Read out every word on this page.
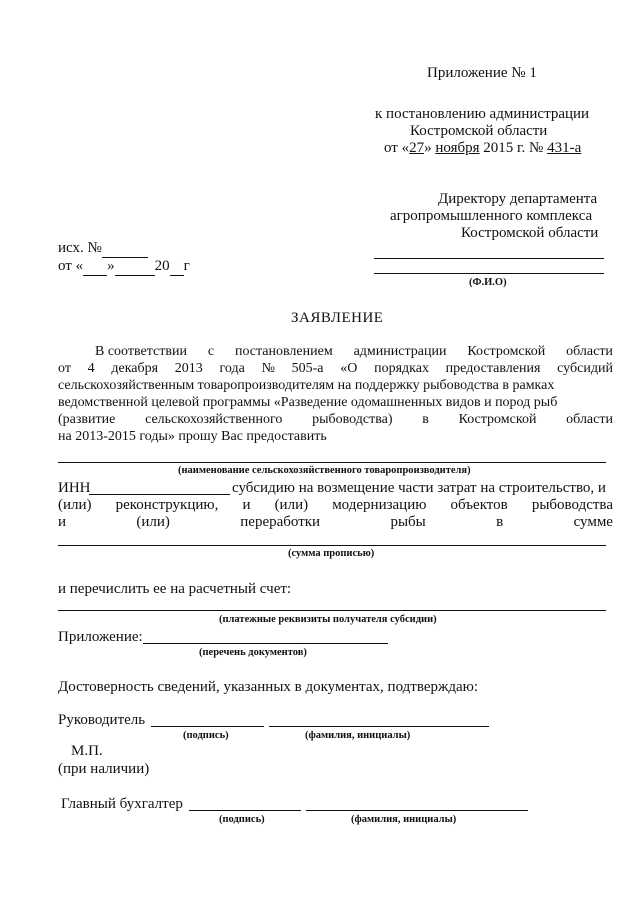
Приложение № 1
к постановлению администрации
Костромской области
от «27» ноября 2015 г. № 431-а
Директору департамента
агропромышленного комплекса
Костромской области
(Ф.И.О)
исх. №
от « »	20 г
ЗАЯВЛЕНИЕ
В соответствии с постановлением администрации Костромской области
от 4 декабря 2013 года № 505-а «О порядках предоставления субсидий
сельскохозяйственным товаропроизводителям на поддержку рыбоводства в рамках
ведомственной целевой программы «Разведение одомашненных видов и пород рыб
(развитие сельскохозяйственного рыбоводства) в Костромской области
на 2013-2015 годы» прошу Вас предоставить
(наименование сельскохозяйственного товаропроизводителя)
ИНН	субсидию на возмещение части затрат на строительство, и
(или) реконструкцию, и (или) модернизацию объектов рыбоводства
и	(или)	переработки	рыбы	в	сумме
(сумма прописью)
и перечислить ее на расчетный счет:
(платежные реквизиты получателя субсидии)
Приложение:
(перечень документов)
Достоверность сведений, указанных в документах, подтверждаю:
Руководитель
(подпись)	(фамилия, инициалы)
М.П.
(при наличии)
Главный бухгалтер
(подпись)	(фамилия, инициалы)
